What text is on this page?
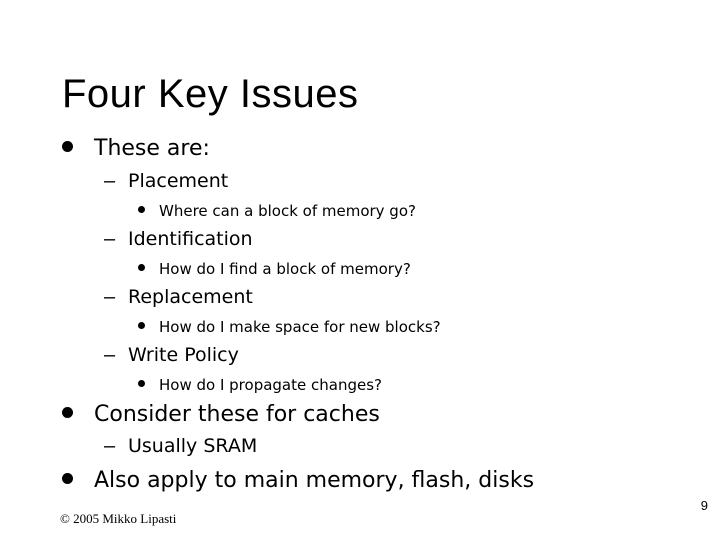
Four Key Issues
These are:
– Placement
Where can a block of memory go?
– Identification
How do I find a block of memory?
– Replacement
How do I make space for new blocks?
– Write Policy
How do I propagate changes?
Consider these for caches
– Usually SRAM
Also apply to main memory, flash, disks
© 2005 Mikko Lipasti
9
